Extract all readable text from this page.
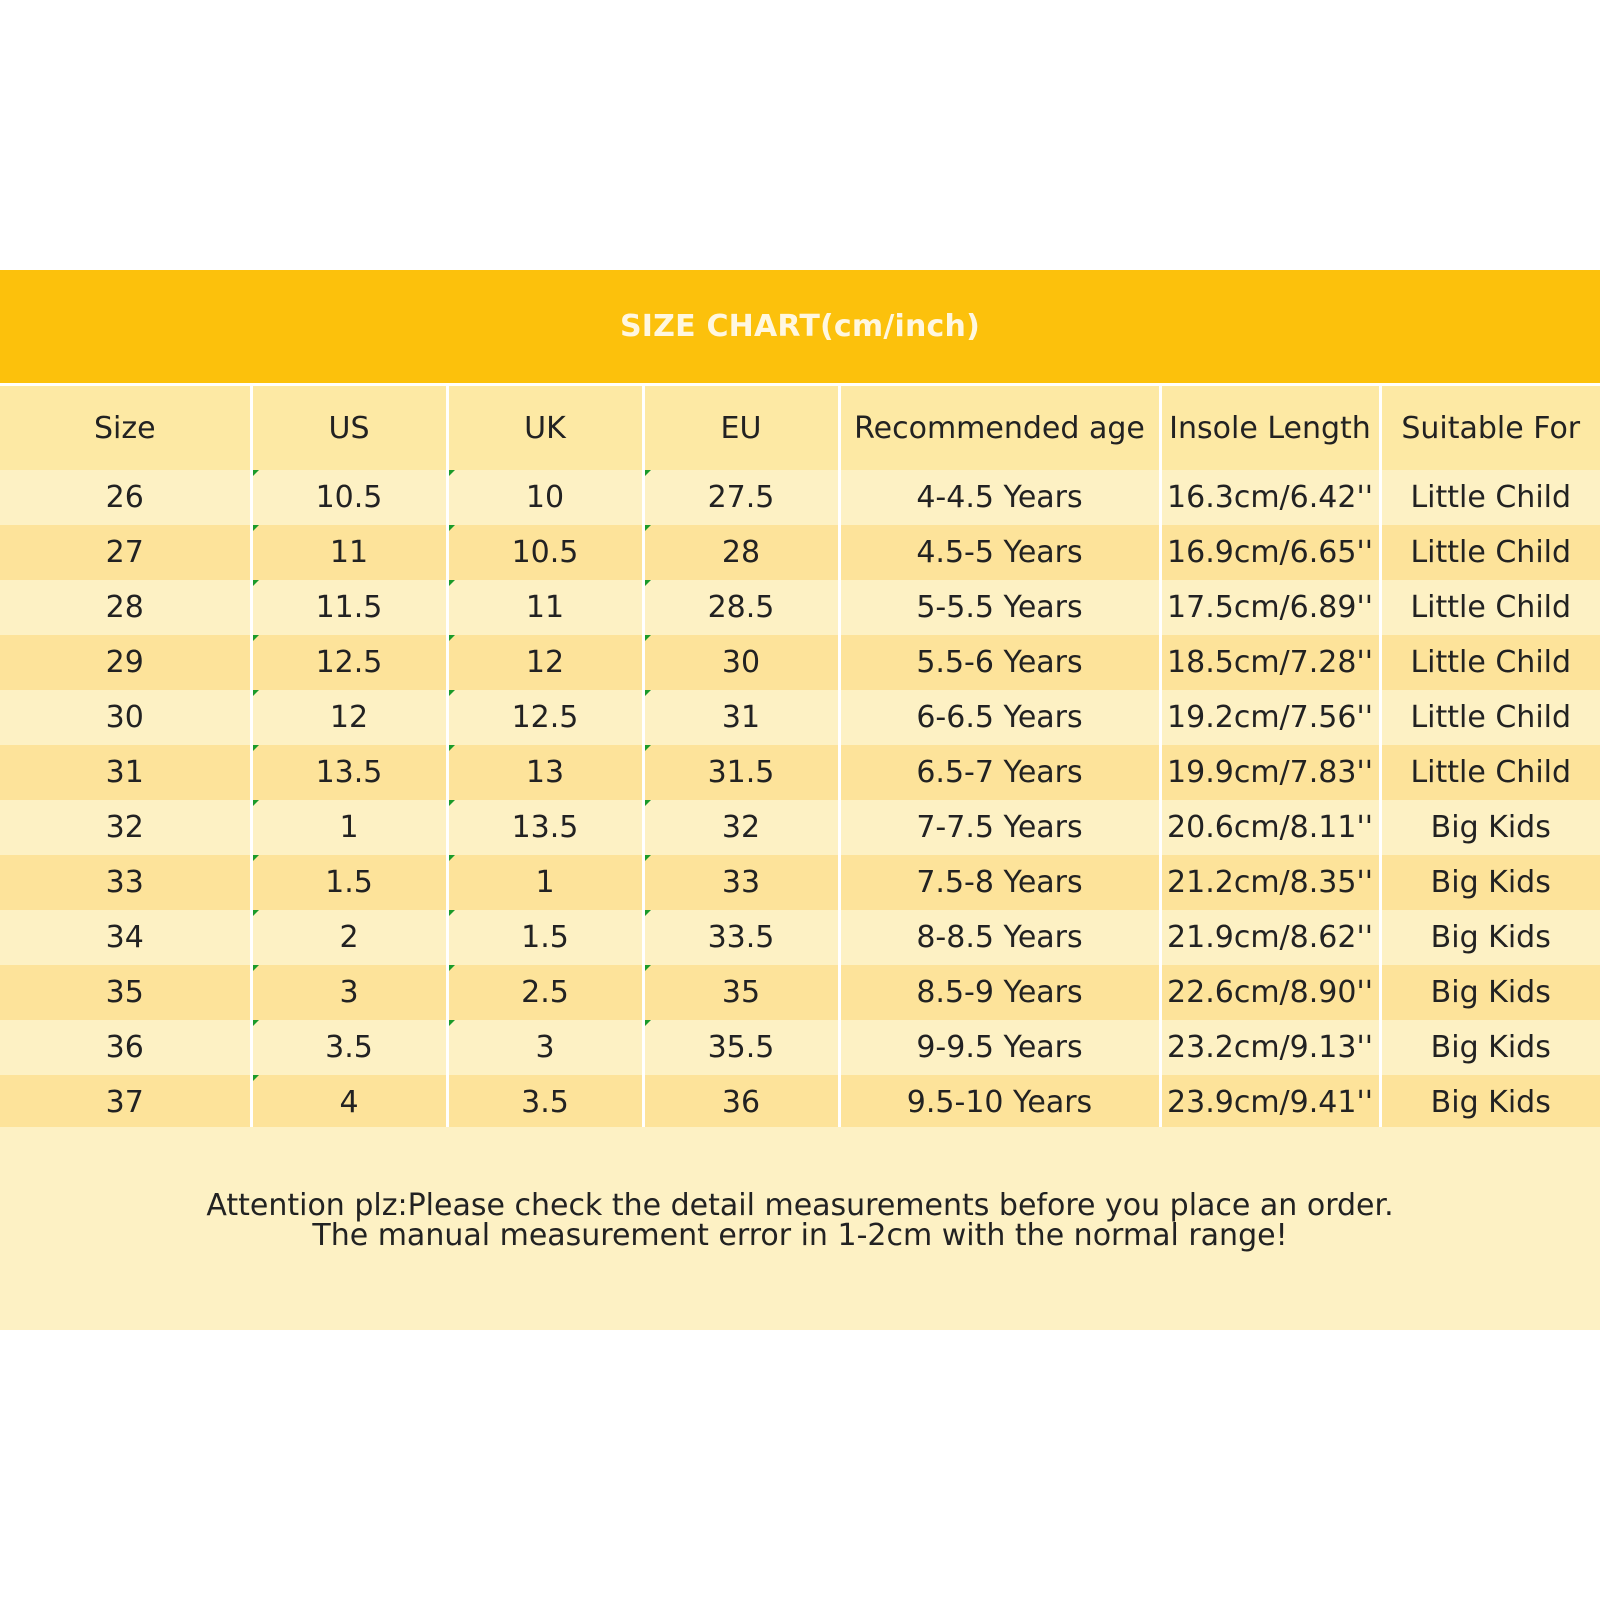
SIZE CHART(cm/inch)
Size	US	UK	EU	Recommended age	Insole Length	Suitable For
26	10.5	10	27.5	4-4.5 Years	16.3cm/6.42''	Little Child
27	11	10.5	28	4.5-5 Years	16.9cm/6.65''	Little Child
28	11.5	11	28.5	5-5.5 Years	17.5cm/6.89''	Little Child
29	12.5	12	30	5.5-6 Years	18.5cm/7.28''	Little Child
30	12	12.5	31	6-6.5 Years	19.2cm/7.56''	Little Child
31	13.5	13	31.5	6.5-7 Years	19.9cm/7.83''	Little Child
32	1	13.5	32	7-7.5 Years	20.6cm/8.11''	Big Kids
33	1.5	1	33	7.5-8 Years	21.2cm/8.35''	Big Kids
34	2	1.5	33.5	8-8.5 Years	21.9cm/8.62''	Big Kids
35	3	2.5	35	8.5-9 Years	22.6cm/8.90''	Big Kids
36	3.5	3	35.5	9-9.5 Years	23.2cm/9.13''	Big Kids
37	4	3.5	36	9.5-10 Years	23.9cm/9.41''	Big Kids
Attention plz:Please check the detail measurements before you place an order.
The manual measurement error in 1-2cm with the normal range!
